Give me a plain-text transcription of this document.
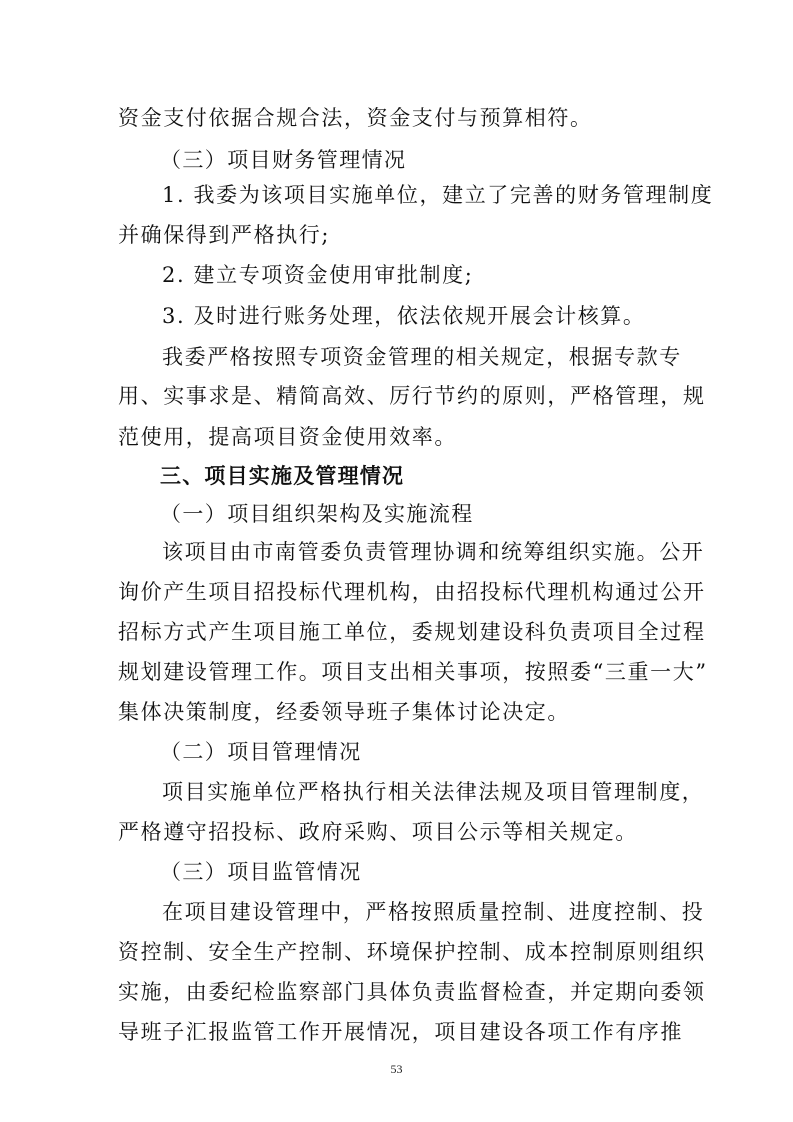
资金支付依据合规合法，资金支付与预算相符。
（三）项目财务管理情况
1. 我委为该项目实施单位，建立了完善的财务管理制度
并确保得到严格执行;
2. 建立专项资金使用审批制度;
3. 及时进行账务处理，依法依规开展会计核算。
我委严格按照专项资金管理的相关规定，根据专款专
用、实事求是、精简高效、厉行节约的原则，严格管理，规
范使用，提高项目资金使用效率。
三、项目实施及管理情况
（一）项目组织架构及实施流程
该项目由市南管委负责管理协调和统筹组织实施。公开
询价产生项目招投标代理机构，由招投标代理机构通过公开
招标方式产生项目施工单位，委规划建设科负责项目全过程
规划建设管理工作。项目支出相关事项，按照委“三重一大”
集体决策制度，经委领导班子集体讨论决定。
（二）项目管理情况
项目实施单位严格执行相关法律法规及项目管理制度，
严格遵守招投标、政府采购、项目公示等相关规定。
（三）项目监管情况
在项目建设管理中，严格按照质量控制、进度控制、投
资控制、安全生产控制、环境保护控制、成本控制原则组织
实施，由委纪检监察部门具体负责监督检查，并定期向委领
导班子汇报监管工作开展情况，项目建设各项工作有序推
53
